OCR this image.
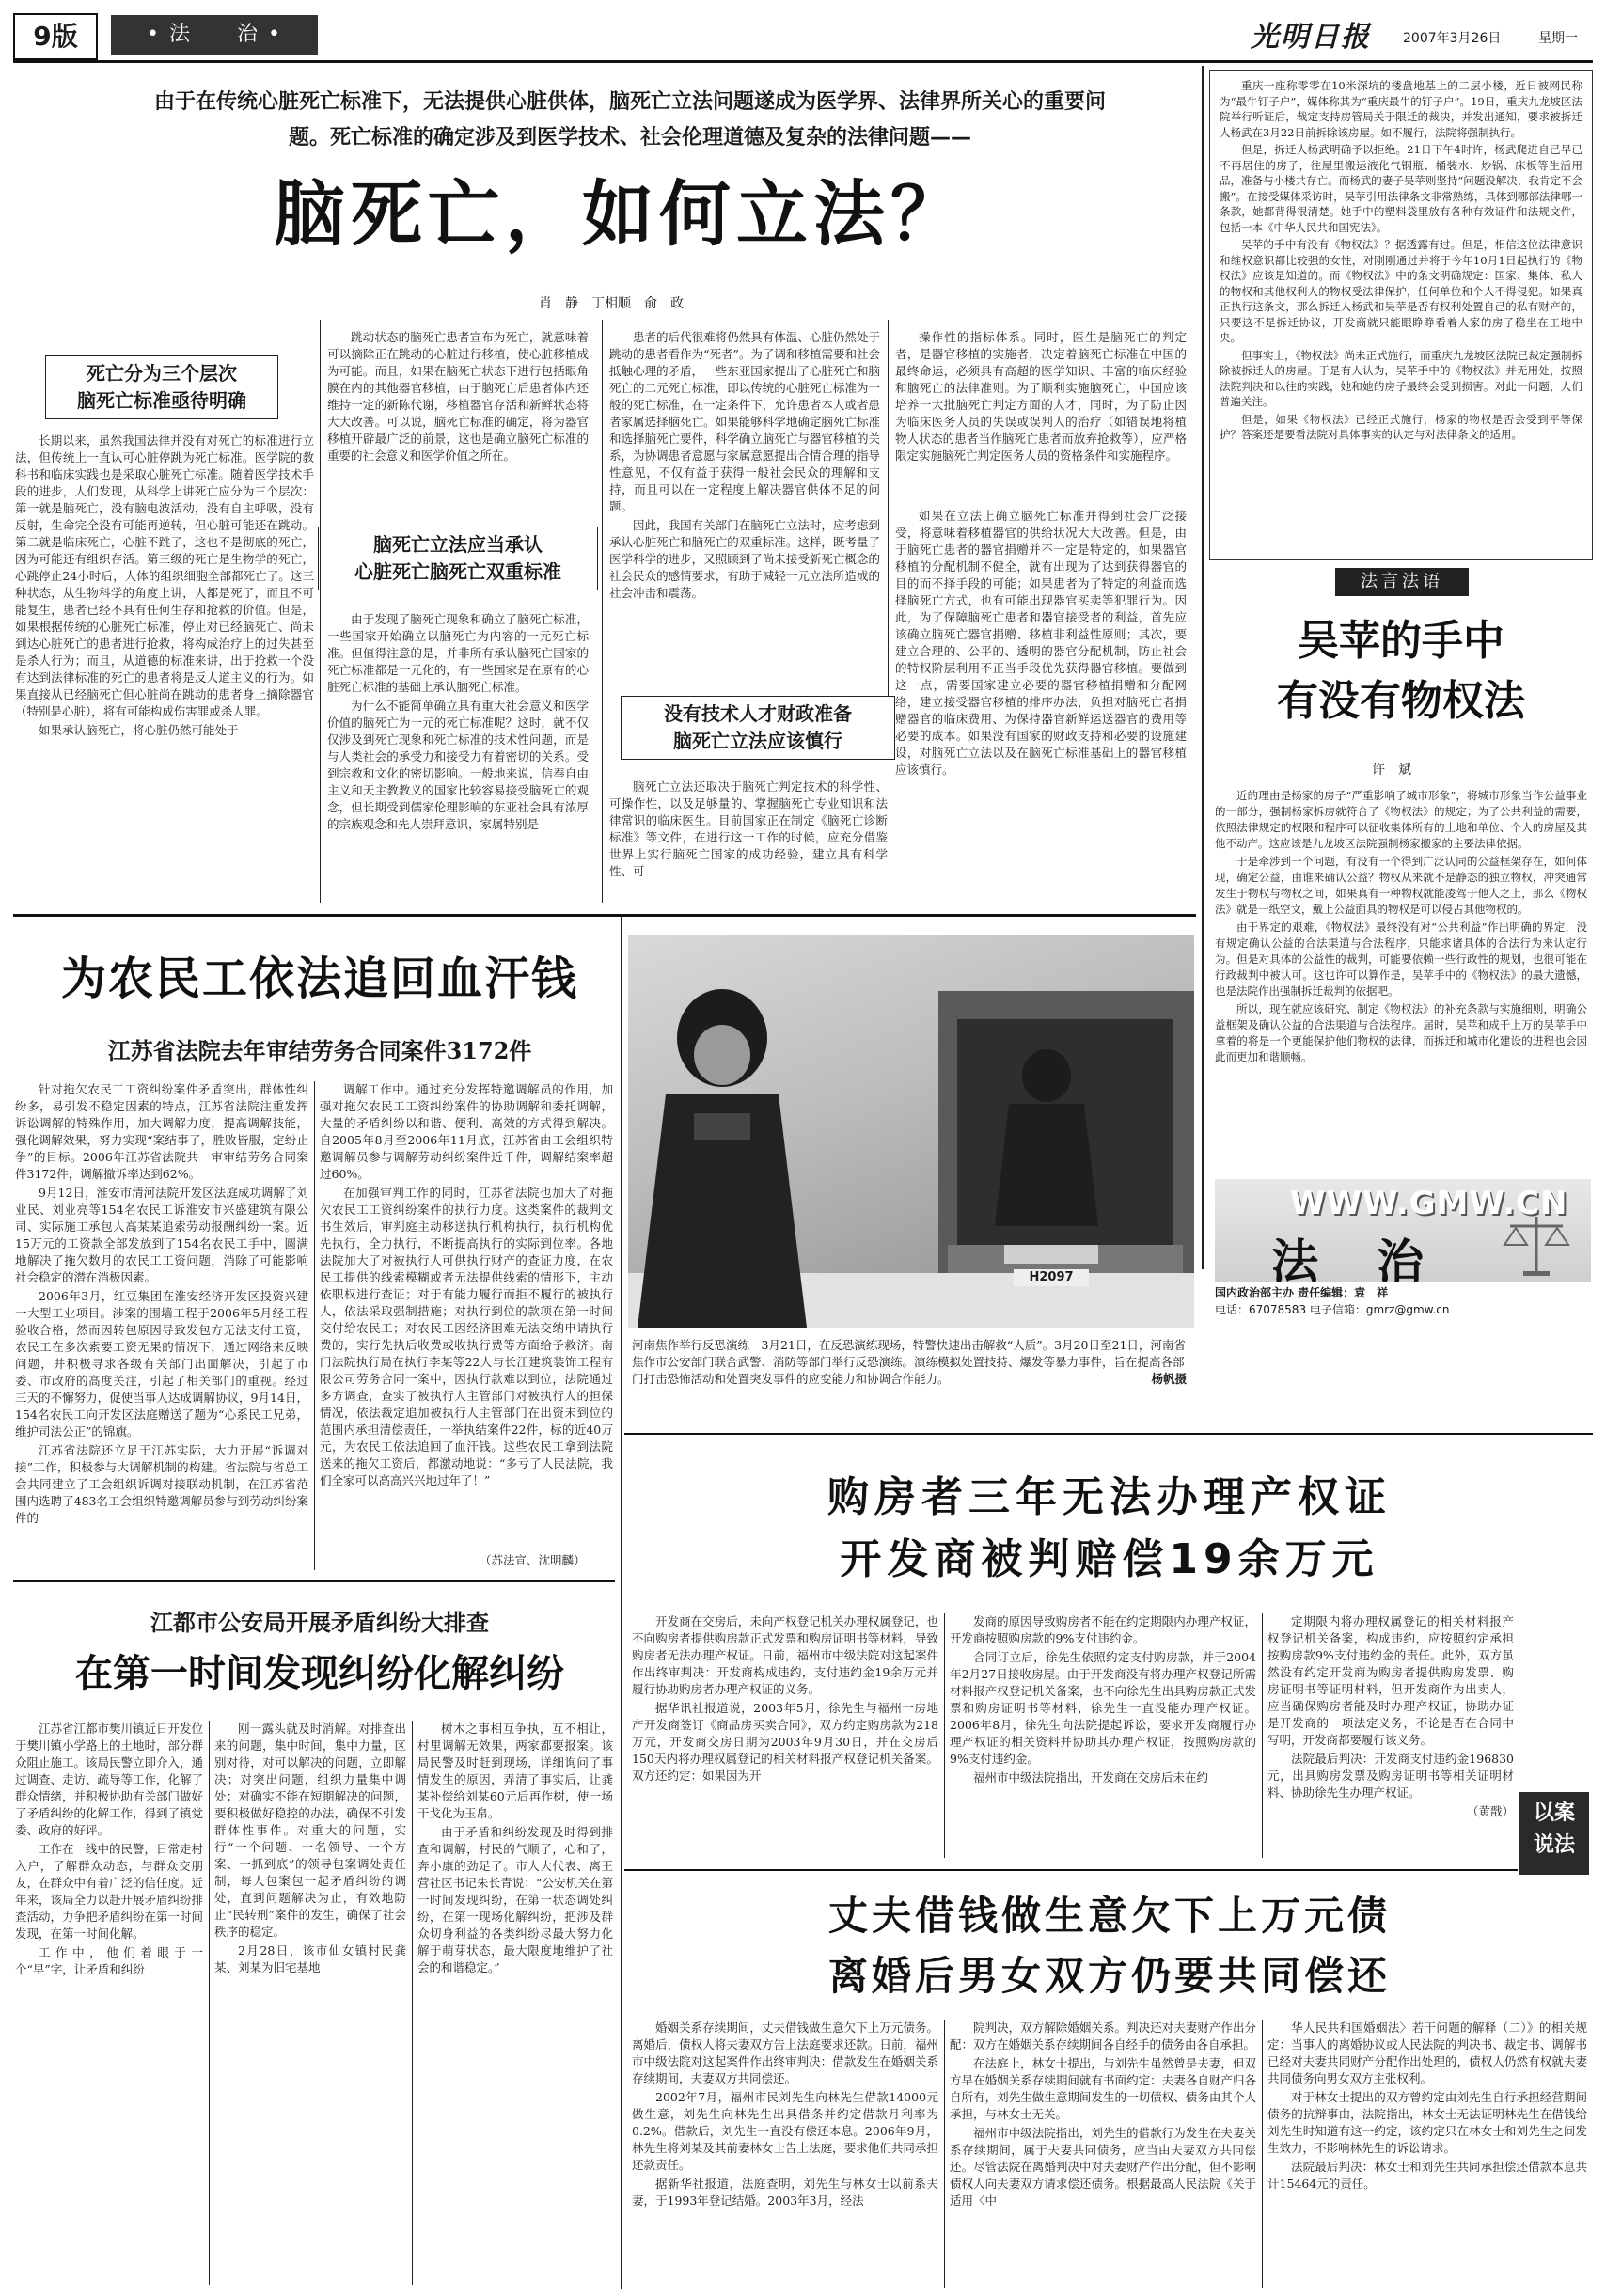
9版	• 法　　治 •	光明日报 2007年3月26日	星期一
由于在传统心脏死亡标准下，无法提供心脏供体，脑死亡立法问题遂成为医学界、法律界所关心的重要问题。死亡标准的确定涉及到医学技术、社会伦理道德及复杂的法律问题——
脑死亡，如何立法？
肖　静　丁相顺　俞　政
死亡分为三个层次
脑死亡标准亟待明确

长期以来，虽然我国法律并没有对死亡的标准进行立法，但传统上一直认可心脏停跳为死亡标准。医学院的教科书和临床实践也是采取心脏死亡标准。随着医学技术手段的进步，人们发现，从科学上讲死亡应分为三个层次：第一就是脑死亡，没有脑电波活动，没有自主呼吸，没有反射，生命完全没有可能再逆转，但心脏可能还在跳动。第二就是临床死亡，心脏不跳了，这也不是彻底的死亡，因为可能还有组织存活。第三级的死亡是生物学的死亡，心跳停止24小时后，人体的组织细胞全部都死亡了。这三种状态，从生物科学的角度上讲，人都是死了，而且不可能复生，患者已经不具有任何生存和抢救的价值。但是，如果根据传统的心脏死亡标准，停止对已经脑死亡、尚未到达心脏死亡的患者进行抢救，将构成治疗上的过失甚至是杀人行为；而且，从道德的标准来讲，出于抢救一个没有达到法律标准的死亡的患者将是反人道主义的行为。如果直接从已经脑死亡但心脏尚在跳动的患者身上摘除器官（特别是心脏），将有可能构成伤害罪或杀人罪。

如果承认脑死亡，将心脏仍然可能处于

跳动状态的脑死亡患者宣布为死亡，就意味着可以摘除正在跳动的心脏进行移植，使心脏移植成为可能。而且，如果在脑死亡状态下进行包括眼角膜在内的其他器官移植，由于脑死亡后患者体内还维持一定的新陈代谢，移植器官存活和新鲜状态将大大改善。可以说，脑死亡标准的确定，将为器官移植开辟最广泛的前景，这也是确立脑死亡标准的重要的社会意义和医学价值之所在。

脑死亡立法应当承认
心脏死亡脑死亡双重标准

由于发现了脑死亡现象和确立了脑死亡标准，一些国家开始确立以脑死亡为内容的一元死亡标准。但值得注意的是，并非所有承认脑死亡国家的死亡标准都是一元化的，有一些国家是在原有的心脏死亡标准的基础上承认脑死亡标准。

为什么不能简单确立具有重大社会意义和医学价值的脑死亡为一元的死亡标准呢？这时，就不仅仅涉及到死亡现象和死亡标准的技术性问题，而是与人类社会的承受力和接受力有着密切的关系。受到宗教和文化的密切影响。一般地来说，信奉自由主义和天主教教义的国家比较容易接受脑死亡的观念，但长期受到儒家伦理影响的东亚社会具有浓厚的宗族观念和先人崇拜意识，家属特别是

患者的后代很难将仍然具有体温、心脏仍然处于跳动的患者看作为“死者”。为了调和移植需要和社会抵触心理的矛盾，一些东亚国家提出了心脏死亡和脑死亡的二元死亡标准，即以传统的心脏死亡标准为一般的死亡标准，在一定条件下，允许患者本人或者患者家属选择脑死亡。如果能够科学地确定脑死亡标准和选择脑死亡要件，科学确立脑死亡与器官移植的关系，为协调患者意愿与家属意愿提出合情合理的指导性意见，不仅有益于获得一般社会民众的理解和支持，而且可以在一定程度上解决器官供体不足的问题。

因此，我国有关部门在脑死亡立法时，应考虑到承认心脏死亡和脑死亡的双重标准。这样，既考量了医学科学的进步，又照顾到了尚未接受新死亡概念的社会民众的感情要求，有助于减轻一元立法所造成的社会冲击和震荡。

操作性的指标体系。同时，医生是脑死亡的判定者，是器官移植的实施者，决定着脑死亡标准在中国的最终命运，必须具有高超的医学知识、丰富的临床经验和脑死亡的法律准则。为了顺利实施脑死亡，中国应该培养一大批脑死亡判定方面的人才，同时，为了防止因为临床医务人员的失误或误判人的治疗（如错误地将植物人状态的患者当作脑死亡患者而放弃抢救等），应严格限定实施脑死亡判定医务人员的资格条件和实施程序。

如果在立法上确立脑死亡标准并得到社会广泛接受，将意味着移植器官的供给状况大大改善。但是，由于脑死亡患者的器官捐赠并不一定是特定的，如果器官移植的分配机制不健全，就有出现为了达到获得器官的目的而不择手段的可能；如果患者为了特定的利益而选择脑死亡方式，也有可能出现器官买卖等犯罪行为。因此，为了保障脑死亡患者和器官接受者的利益，首先应该确立脑死亡器官捐赠、移植非利益性原则；其次，要建立合理的、公平的、透明的器官分配机制，防止社会的特权阶层利用不正当手段优先获得器官移植。要做到这一点，需要国家建立必要的器官移植捐赠和分配网络，建立接受器官移植的排序办法，负担对脑死亡者捐赠器官的临床费用、为保持器官新鲜运送器官的费用等必要的成本。如果没有国家的财政支持和必要的设施建设，对脑死亡立法以及在脑死亡标准基础上的器官移植应该慎行。

没有技术人才财政准备
脑死亡立法应该慎行

脑死亡立法还取决于脑死亡判定技术的科学性、可操作性，以及足够量的、掌握脑死亡专业知识和法律常识的临床医生。目前国家正在制定《脑死亡诊断标准》等文件，在进行这一工作的时候，应充分借鉴世界上实行脑死亡国家的成功经验，建立具有科学性、可

重庆一座称零零在10米深坑的楼盘地基上的二层小楼，近日被网民称为“最牛钉子户”，媒体称其为“重庆最牛的钉子户”。19日，重庆九龙坡区法院举行听证后，裁定支持房管局关于限迁的裁决，并发出通知，要求被拆迁人杨武在3月22日前拆除该房屋。如不履行，法院将强制执行。

但是，拆迁人杨武明确予以拒绝。21日下午4时许，杨武爬进自己早已不再居住的房子，往屋里搬运液化气钢瓶、桶装水、炒锅、床板等生活用品，准备与小楼共存亡。而杨武的妻子吴苹则坚持“问题没解决，我肯定不会搬”。在接受媒体采访时，吴苹引用法律条文非常熟练，具体到哪部法律哪一条款，她都背得很清楚。她手中的塑料袋里放有各种有效证件和法规文件，包括一本《中华人民共和国宪法》。

吴苹的手中有没有《物权法》？据透露有过。但是，相信这位法律意识和维权意识都比较强的女性，对刚刚通过并将于今年10月1日起执行的《物权法》应该是知道的。而《物权法》中的条文明确规定：国家、集体、私人的物权和其他权利人的物权受法律保护，任何单位和个人不得侵犯。如果真正执行这条文，那么拆迁人杨武和吴苹是否有权利处置自己的私有财产的，只要这不是拆迁协议，开发商就只能眼睁睁看着人家的房子稳坐在工地中央。

但事实上，《物权法》尚未正式施行，而重庆九龙坡区法院已裁定强制拆除被拆迁人的房屋。于是有人认为，吴苹手中的《物权法》并无用处，按照法院判决和以往的实践，她和她的房子最终会受到损害。对此一问题，人们普遍关注。

但是，如果《物权法》已经正式施行，杨家的物权是否会受到平等保护？答案还是要看法院对具体事实的认定与对法律条文的适用。

法言法语
吴苹的手中
有没有物权法
许　斌

近的理由是杨家的房子“严重影响了城市形象”，将城市形象当作公益事业的一部分，强制杨家拆房就符合了《物权法》的规定；为了公共利益的需要，依照法律规定的权限和程序可以征收集体所有的土地和单位、个人的房屋及其他不动产。这应该是九龙坡区法院强制杨家搬家的主要法律依据。

于是牵涉到一个问题，有没有一个得到广泛认同的公益框架存在，如何体现，确定公益，由谁来确认公益？物权从来就不是静态的独立物权，冲突通常发生于物权与物权之间，如果真有一种物权就能凌驾于他人之上，那么《物权法》就是一纸空文，戴上公益面具的物权是可以侵占其他物权的。

由于界定的艰难，《物权法》最终没有对“公共利益”作出明确的界定，没有规定确认公益的合法渠道与合法程序，只能求诸具体的合法行为来认定行为。但是对具体的公益性的裁判，可能要依赖一些行政性的规划，也很可能在行政裁判中被认可。这也许可以算作是，吴苹手中的《物权法》的最大遗憾，也是法院作出强制拆迁裁判的依据吧。

所以，现在就应该研究、制定《物权法》的补充条款与实施细则，明确公益框架及确认公益的合法渠道与合法程序。届时，吴苹和成千上万的吴苹手中拿着的将是一个更能保护他们物权的法律，而拆迁和城市化建设的进程也会因此而更加和谐顺畅。

WWW.GMW.CN
法　治
国内政治部主办 责任编辑：袁　祥
电话：67078583 电子信箱：gmrz@gmw.cn
为农民工依法追回血汗钱
江苏省法院去年审结劳务合同案件3172件

针对拖欠农民工工资纠纷案件矛盾突出，群体性纠纷多，易引发不稳定因素的特点，江苏省法院注重发挥诉讼调解的特殊作用，加大调解力度，提高调解技能，强化调解效果，努力实现“案结事了，胜败皆服，定纷止争”的目标。2006年江苏省法院共一审审结劳务合同案件3172件，调解撤诉率达到62%。

9月12日，淮安市清河法院开发区法庭成功调解了刘业民、刘业亮等154名农民工诉淮安市兴盛建筑有限公司、实际施工承包人高某某追索劳动报酬纠纷一案。近15万元的工资款全部发放到了154名农民工手中，圆满地解决了拖欠数月的农民工工资问题，消除了可能影响社会稳定的潜在消极因素。

2006年3月，红豆集团在淮安经济开发区投资兴建一大型工业项目。涉案的围墙工程于2006年5月经工程验收合格，然而因转包原因导致发包方无法支付工资，农民工在多次索要工资无果的情况下，通过网络来反映问题，并积极寻求各级有关部门出面解决，引起了市委、市政府的高度关注，引起了相关部门的重视。经过三天的不懈努力，促使当事人达成调解协议，9月14日，154名农民工向开发区法庭赠送了题为“心系民工兄弟，维护司法公正”的锦旗。

江苏省法院还立足于江苏实际，大力开展“诉调对接”工作，积极参与大调解机制的构建。省法院与省总工会共同建立了工会组织诉调对接联动机制，在江苏省范围内选聘了483名工会组织特邀调解员参与到劳动纠纷案件的

调解工作中。通过充分发挥特邀调解员的作用，加强对拖欠农民工工资纠纷案件的协助调解和委托调解，大量的矛盾纠纷以和谐、便利、高效的方式得到解决。自2005年8月至2006年11月底，江苏省由工会组织特邀调解员参与调解劳动纠纷案件近千件，调解结案率超过60%。

在加强审判工作的同时，江苏省法院也加大了对拖欠农民工工资纠纷案件的执行力度。这类案件的裁判文书生效后，审判庭主动移送执行机构执行，执行机构优先执行，全力执行，不断提高执行的实际到位率。各地法院加大了对被执行人可供执行财产的查证力度，在农民工提供的线索模糊或者无法提供线索的情形下，主动依职权进行查证；对于有能力履行而拒不履行的被执行人，依法采取强制措施；对执行到位的款项在第一时间交付给农民工；对农民工因经济困难无法交纳申请执行费的，实行先执后收费或收执行费等方面给予救济。南门法院执行局在执行李某等22人与长江建筑装饰工程有限公司劳务合同一案中，因执行款难以到位，法院通过多方调查，查实了被执行人主管部门对被执行人的担保情况，依法裁定追加被执行人主管部门在出资未到位的范围内承担清偿责任，一举执结案件22件，标的近40万元，为农民工依法追回了血汗钱。这些农民工拿到法院送来的拖欠工资后，都激动地说：“多亏了人民法院，我们全家可以高高兴兴地过年了！”

（苏法宣、沈明麟）
H2097
河南焦作举行反恐演练　3月21日，在反恐演练现场，特警快速出击解救“人质”。3月20日至21日，河南省焦作市公安部门联合武警、消防等部门举行反恐演练。演练模拟处置技持、爆发等暴力事件，旨在提高各部门打击恐怖活动和处置突发事件的应变能力和协调合作能力。	杨帆摄
江都市公安局开展矛盾纠纷大排查
在第一时间发现纠纷化解纠纷

江苏省江都市樊川镇近日开发位于樊川镇小学路上的土地时，部分群众阻止施工。该局民警立即介入，通过调查、走访、疏导等工作，化解了群众情绪，并积极协助有关部门做好了矛盾纠纷的化解工作，得到了镇党委、政府的好评。

工作在一线中的民警，日常走村入户，了解群众动态，与群众交朋友，在群众中有着广泛的信任度。近年来，该局全力以赴开展矛盾纠纷排查活动，力争把矛盾纠纷在第一时间发现，在第一时间化解。

工作中，他们着眼于一个“早”字，让矛盾和纠纷

刚一露头就及时消解。对排查出来的问题，集中时间，集中力量，区别对待，对可以解决的问题，立即解决；对突出问题，组织力量集中调处；对确实不能在短期解决的问题，要积极做好稳控的办法，确保不引发群体性事件。对重大的问题，实行“一个问题、一名领导、一个方案、一抓到底”的领导包案调处责任制，每人包案包一起矛盾纠纷的调处，直到问题解决为止，有效地防止“民转刑”案件的发生，确保了社会秩序的稳定。

2月28日，该市仙女镇村民龚某、刘某为旧宅基地

树木之事相互争执，互不相让，村里调解无效果，两家都要报案。该局民警及时赶到现场，详细询问了事情发生的原因，弄清了事实后，让龚某补偿给刘某60元后再作树，使一场干戈化为玉帛。

由于矛盾和纠纷发现及时得到排查和调解，村民的气顺了，心和了，奔小康的劲足了。市人大代表、离王营社区书记朱长青说：“公安机关在第一时间发现纠纷，在第一状态调处纠纷，在第一现场化解纠纷，把涉及群众切身利益的各类纠纷尽最大努力化解于萌芽状态，最大限度地维护了社会的和谐稳定。”

购房者三年无法办理产权证
开发商被判赔偿19余万元

开发商在交房后，未向产权登记机关办理权属登记，也不向购房者提供购房款正式发票和购房证明书等材料，导致购房者无法办理产权证。日前，福州市中级法院对这起案件作出终审判决：开发商构成违约，支付违约金19余万元并履行协助购房者办理产权证的义务。

据华讯社报道说，2003年5月，徐先生与福州一房地产开发商签订《商品房买卖合同》，双方约定购房款为218万元，开发商交房日期为2003年9月30日，并在交房后150天内将办理权属登记的相关材料报产权登记机关备案。双方还约定：如果因为开

发商的原因导致购房者不能在约定期限内办理产权证，开发商按照购房款的9%支付违约金。

合同订立后，徐先生依照约定支付购房款，并于2004年2月27日接收房屋。由于开发商没有将办理产权登记所需材料报产权登记机关备案，也不向徐先生出具购房款正式发票和购房证明书等材料，徐先生一直没能办理产权证。2006年8月，徐先生向法院提起诉讼，要求开发商履行办理产权证的相关资料并协助其办理产权证，按照购房款的9%支付违约金。

福州市中级法院指出，开发商在交房后未在约

定期限内将办理权属登记的相关材料报产权登记机关备案，构成违约，应按照约定承担按购房款9%支付违约金的责任。此外，双方虽然没有约定开发商为购房者提供购房发票、购房证明书等证明材料，但开发商作为出卖人，应当确保购房者能及时办理产权证，协助办证是开发商的一项法定义务，不论是否在合同中写明，开发商都要履行该义务。

法院最后判决：开发商支付违约金196830元，出具购房发票及购房证明书等相关证明材料、协助徐先生办理产权证。

（黄戬） 以案
说法
丈夫借钱做生意欠下上万元债
离婚后男女双方仍要共同偿还

婚姻关系存续期间，丈夫借钱做生意欠下上万元债务。离婚后，债权人将夫妻双方告上法庭要求还款。日前，福州市中级法院对这起案件作出终审判决：借款发生在婚姻关系存续期间，夫妻双方共同偿还。

2002年7月，福州市民刘先生向林先生借款14000元做生意，刘先生向林先生出具借条并约定借款月利率为0.2%。借款后，刘先生一直没有偿还本息。2006年9月，林先生将刘某及其前妻林女士告上法庭，要求他们共同承担还款责任。

据新华社报道，法庭查明，刘先生与林女士以前系夫妻，于1993年登记结婚。2003年3月，经法

院判决，双方解除婚姻关系。判决还对夫妻财产作出分配：双方在婚姻关系存续期间各自经手的债务由各自承担。

在法庭上，林女士提出，与刘先生虽然曾是夫妻，但双方早在婚姻关系存续期间就有书面约定：夫妻各自财产归各自所有，刘先生做生意期间发生的一切债权、债务由其个人承担，与林女士无关。

福州市中级法院指出，刘先生的借款行为发生在夫妻关系存续期间，属于夫妻共同债务，应当由夫妻双方共同偿还。尽管法院在离婚判决中对夫妻财产作出分配，但不影响债权人向夫妻双方请求偿还债务。根据最高人民法院《关于适用〈中

华人民共和国婚姻法〉若干问题的解释（二）》的相关规定：当事人的离婚协议或人民法院的判决书、裁定书、调解书已经对夫妻共同财产分配作出处理的，债权人仍然有权就夫妻共同债务向男女双方主张权利。

对于林女士提出的双方曾约定由刘先生自行承担经营期间债务的抗辩事由，法院指出，林女士无法证明林先生在借钱给刘先生时知道有这一约定，该约定只在林女士和刘先生之间发生效力，不影响林先生的诉讼请求。

法院最后判决：林女士和刘先生共同承担偿还借款本息共计15464元的责任。
